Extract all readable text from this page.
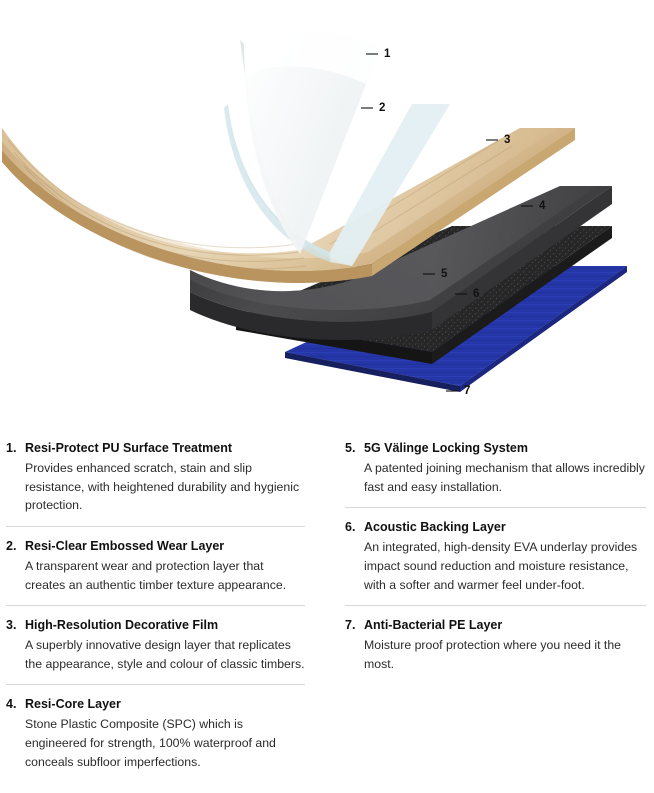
1
2
3
4
5
6
7
1. Resi-Protect PU Surface Treatment
Provides enhanced scratch, stain and slip resistance, with heightened durability and hygienic protection.
2. Resi-Clear Embossed Wear Layer
A transparent wear and protection layer that creates an authentic timber texture appearance.
3. High-Resolution Decorative Film
A superbly innovative design layer that replicates the appearance, style and colour of classic timbers.
4. Resi-Core Layer
Stone Plastic Composite (SPC) which is engineered for strength, 100% waterproof and conceals subfloor imperfections.
5. 5G Välinge Locking System
A patented joining mechanism that allows incredibly fast and easy installation.
6. Acoustic Backing Layer
An integrated, high-density EVA underlay provides impact sound reduction and moisture resistance, with a softer and warmer feel under-foot.
7. Anti-Bacterial PE Layer
Moisture proof protection where you need it the most.
